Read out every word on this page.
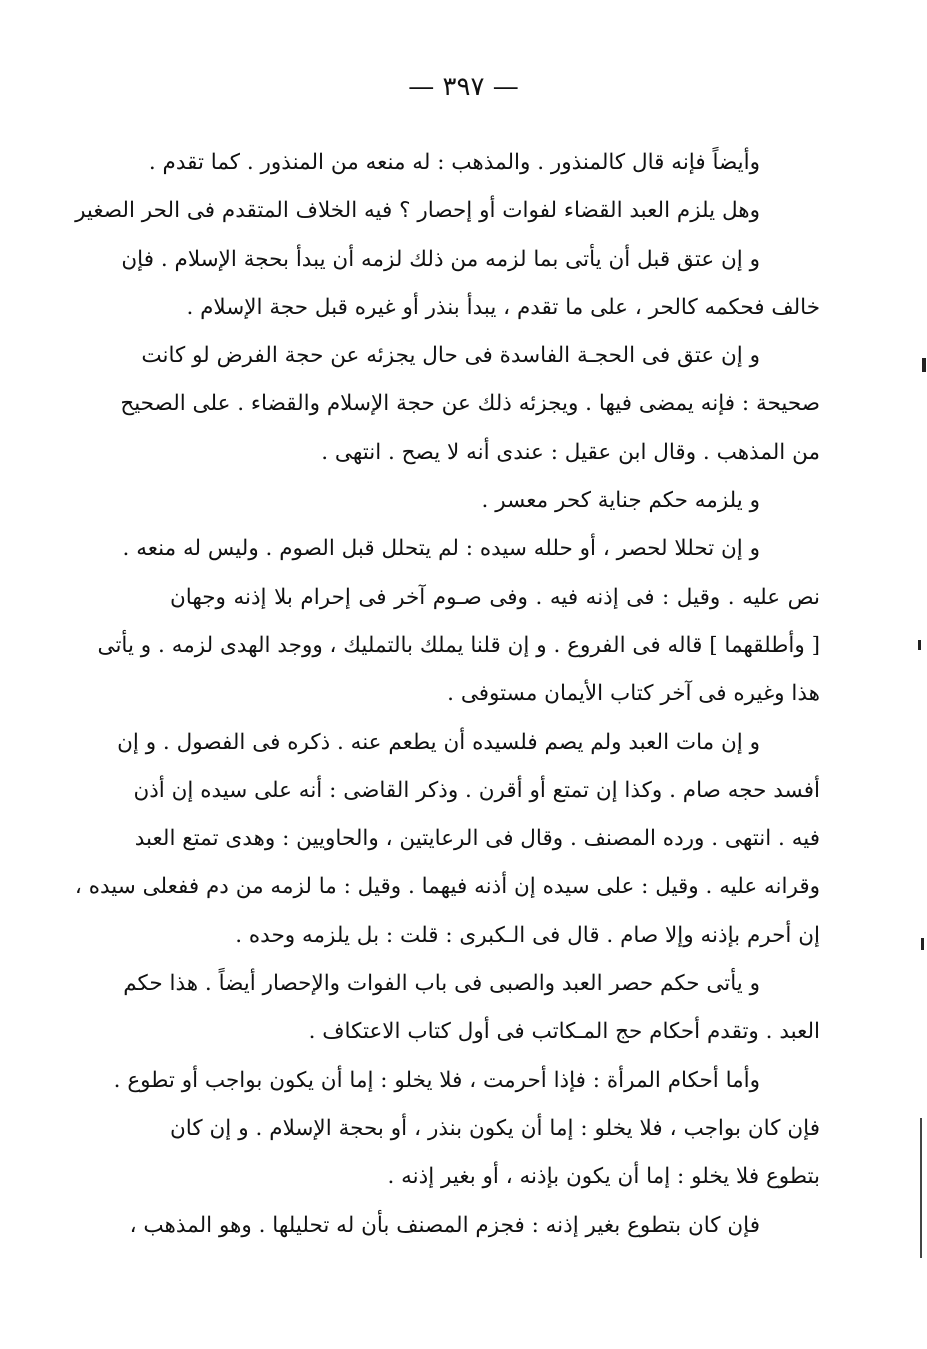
— ٣٩٧ —
وأيضاً فإنه قال كالمنذور . والمذهب : له منعه من المنذور . كما تقدم .
وهل يلزم العبد القضاء لفوات أو إحصار ؟ فيه الخلاف المتقدم فى الحر الصغير
و إن عتق قبل أن يأتى بما لزمه من ذلك لزمه أن يبدأ بحجة الإسلام . فإن
خالف فحكمه كالحر ، على ما تقدم ، يبدأ بنذر أو غيره قبل حجة الإسلام .
و إن عتق فى الحجـة الفاسدة فى حال يجزئه عن حجة الفرض لو كانت
صحيحة : فإنه يمضى فيها . ويجزئه ذلك عن حجة الإسلام والقضاء . على الصحيح
من المذهب . وقال ابن عقيل : عندى أنه لا يصح . انتهى .
و يلزمه حكم جناية كحر معسر .
و إن تحللا لحصر ، أو حلله سيده : لم يتحلل قبل الصوم . وليس له منعه .
نص عليه . وقيل : فى إذنه فيه . وفى صـوم آخر فى إحرام بلا إذنه وجهان
[ وأطلقهما ] قاله فى الفروع . و إن قلنا يملك بالتمليك ، ووجد الهدى لزمه . و يأتى
هذا وغيره فى آخر كتاب الأيمان مستوفى .
و إن مات العبد ولم يصم فلسيده أن يطعم عنه . ذكره فى الفصول . و إن
أفسد حجه صام . وكذا إن تمتع أو أقرن . وذكر القاضى : أنه على سيده إن أذن
فيه . انتهى . ورده المصنف . وقال فى الرعايتين ، والحاويين : وهدى تمتع العبد
وقرانه عليه . وقيل : على سيده إن أذنه فيهما . وقيل : ما لزمه من دم ففعلى سيده ،
إن أحرم بإذنه وإلا صام . قال فى الـكبرى : قلت : بل يلزمه وحده .
و يأتى حكم حصر العبد والصبى فى باب الفوات والإحصار أيضاً . هذا حكم
العبد . وتقدم أحكام حج المـكاتب فى أول كتاب الاعتكاف .
وأما أحكام المرأة : فإذا أحرمت ، فلا يخلو : إما أن يكون بواجب أو تطوع .
فإن كان بواجب ، فلا يخلو : إما أن يكون بنذر ، أو بحجة الإسلام . و إن كان
بتطوع فلا يخلو : إما أن يكون بإذنه ، أو بغير إذنه .
فإن كان بتطوع بغير إذنه : فجزم المصنف بأن له تحليلها . وهو المذهب ،
